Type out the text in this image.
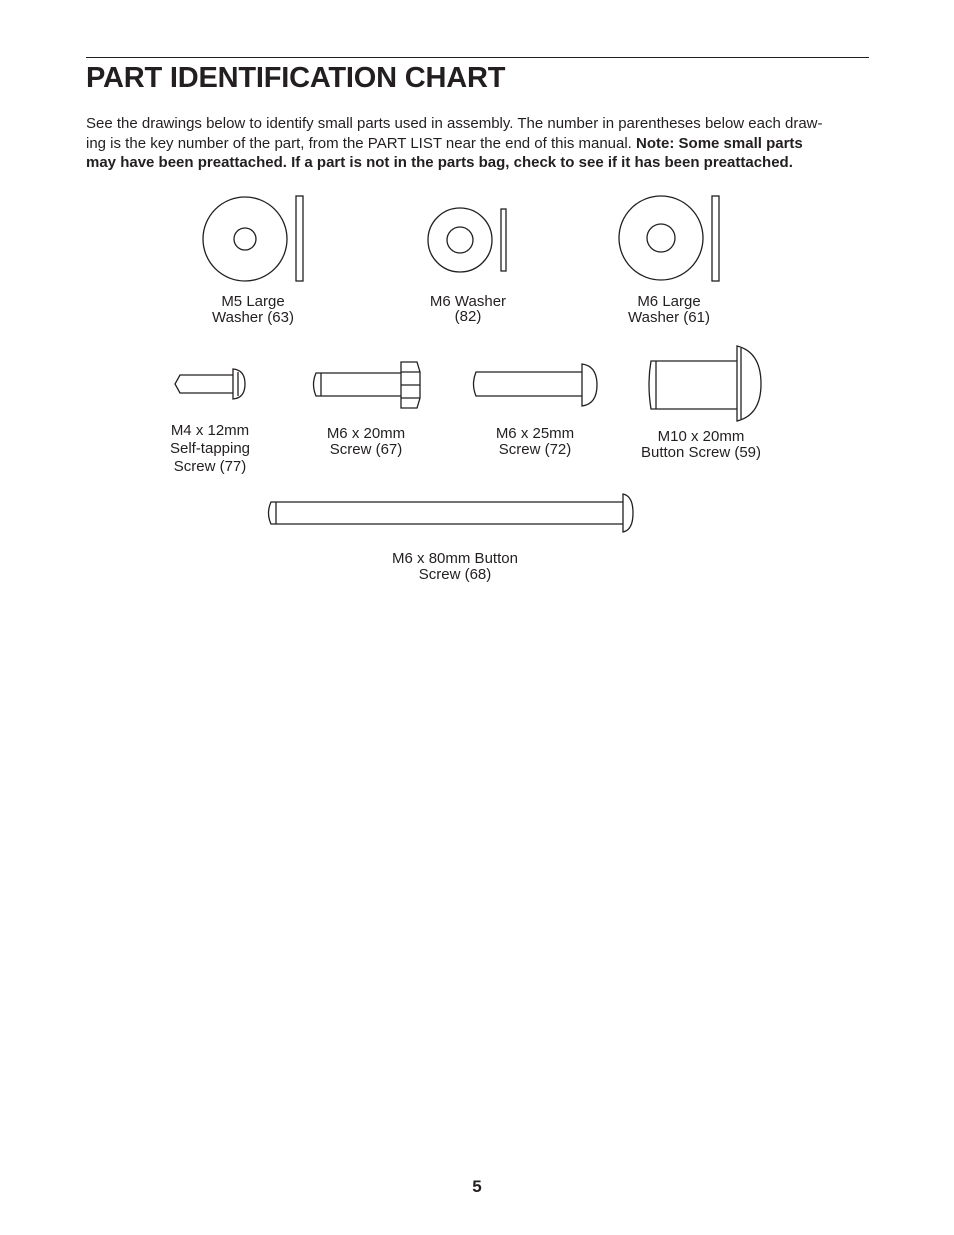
PART IDENTIFICATION CHART

See the drawings below to identify small parts used in assembly. The number in parentheses below each draw-
ing is the key number of the part, from the PART LIST near the end of this manual. Note: Some small parts
may have been preattached. If a part is not in the parts bag, check to see if it has been preattached.

M5 Large
Washer (63)
M6 Washer
(82)
M6 Large
Washer (61)
M4 x 12mm
Self-tapping
Screw (77)
M6 x 20mm
Screw (67)
M6 x 25mm
Screw (72)
M10 x 20mm
Button Screw (59)
M6 x 80mm Button
Screw (68)
5
